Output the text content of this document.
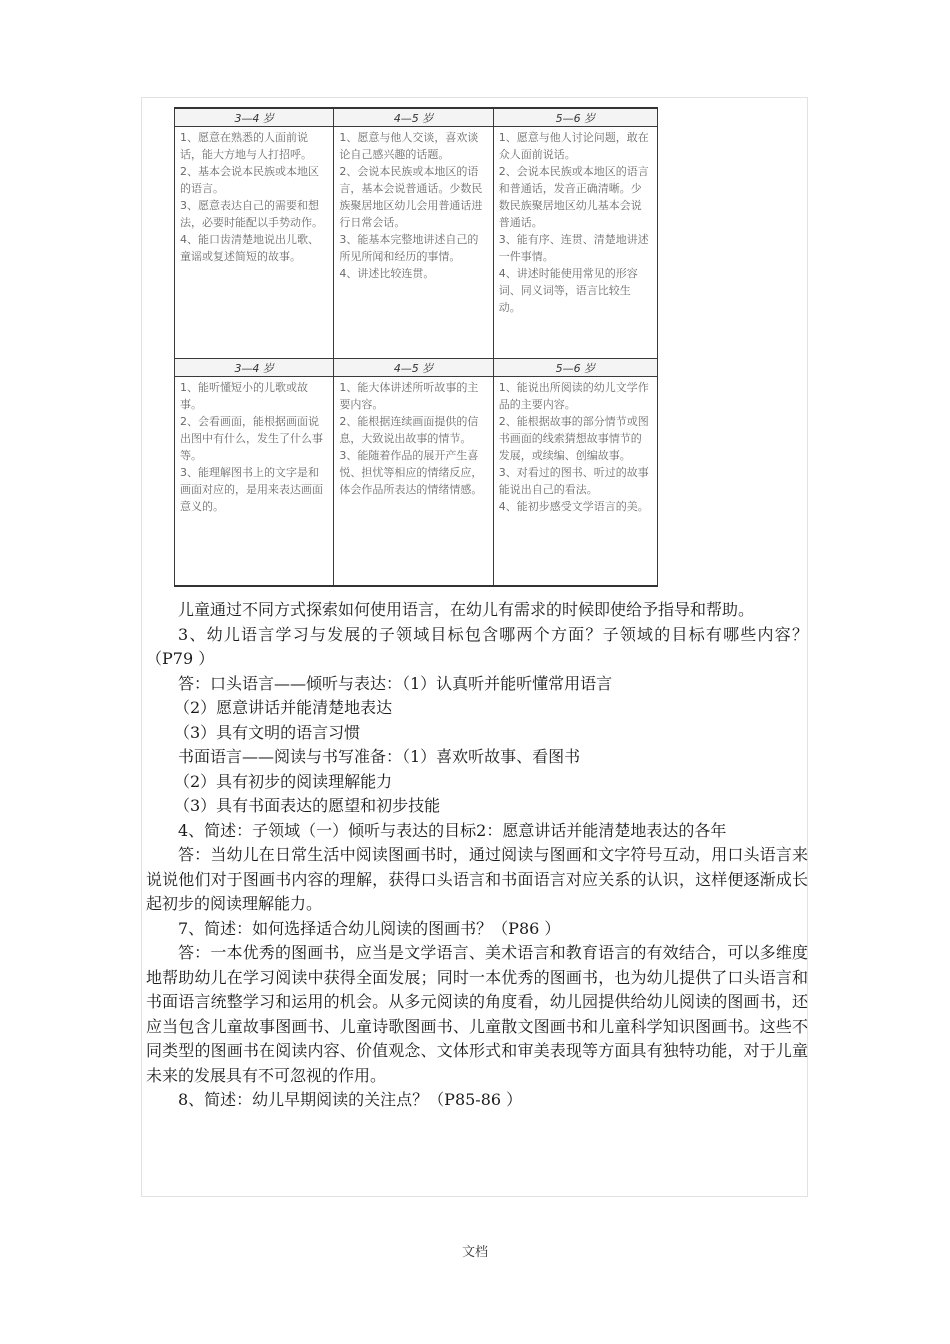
3—4 岁	4—5 岁	5—6 岁

1、愿意在熟悉的人面前说话，能大方地与人打招呼。
2、基本会说本民族或本地区的语言。
3、愿意表达自己的需要和想法，必要时能配以手势动作。
4、能口齿清楚地说出儿歌、童谣或复述简短的故事。	1、愿意与他人交谈，喜欢谈论自己感兴趣的话题。
2、会说本民族或本地区的语言，基本会说普通话。少数民族聚居地区幼儿会用普通话进行日常会话。
3、能基本完整地讲述自己的所见所闻和经历的事情。
4、讲述比较连贯。	1、愿意与他人讨论问题，敢在众人面前说话。
2、会说本民族或本地区的语言和普通话，发音正确清晰。少数民族聚居地区幼儿基本会说普通话。
3、能有序、连贯、清楚地讲述一件事情。
4、讲述时能使用常见的形容词、同义词等，语言比较生动。
3—4 岁	4—5 岁	5—6 岁

1、能听懂短小的儿歌或故事。
2、会看画面，能根据画面说出图中有什么，发生了什么事等。
3、能理解图书上的文字是和画面对应的，是用来表达画面意义的。	1、能大体讲述所听故事的主要内容。
2、能根据连续画面提供的信息，大致说出故事的情节。
3、能随着作品的展开产生喜悦、担忧等相应的情绪反应，体会作品所表达的情绪情感。	1、能说出所阅读的幼儿文学作品的主要内容。
2、能根据故事的部分情节或图书画面的线索猜想故事情节的发展，或续编、创编故事。
3、对看过的图书、听过的故事能说出自己的看法。
4、能初步感受文学语言的美。

儿童通过不同方式探索如何使用语言，在幼儿有需求的时候即使给予指导和帮助。

3、幼儿语言学习与发展的子领域目标包含哪两个方面？子领域的目标有哪些内容？（P79 ）

答：口头语言——倾听与表达：（1）认真听并能听懂常用语言

（2）愿意讲话并能清楚地表达

（3）具有文明的语言习惯

书面语言——阅读与书写准备：（1）喜欢听故事、看图书

（2）具有初步的阅读理解能力

（3）具有书面表达的愿望和初步技能

4、简述：子领域（一）倾听与表达的目标2：愿意讲话并能清楚地表达的各年

答：当幼儿在日常生活中阅读图画书时，通过阅读与图画和文字符号互动，用口头语言来说说他们对于图画书内容的理解，获得口头语言和书面语言对应关系的认识，这样便逐渐成长起初步的阅读理解能力。

7、简述：如何选择适合幼儿阅读的图画书？（P86 ）

答：一本优秀的图画书，应当是文学语言、美术语言和教育语言的有效结合，可以多维度地帮助幼儿在学习阅读中获得全面发展；同时一本优秀的图画书，也为幼儿提供了口头语言和书面语言统整学习和运用的机会。从多元阅读的角度看，幼儿园提供给幼儿阅读的图画书，还应当包含儿童故事图画书、儿童诗歌图画书、儿童散文图画书和儿童科学知识图画书。这些不同类型的图画书在阅读内容、价值观念、文体形式和审美表现等方面具有独特功能，对于儿童未来的发展具有不可忽视的作用。

8、简述：幼儿早期阅读的关注点？（P85-86 ）

文档
